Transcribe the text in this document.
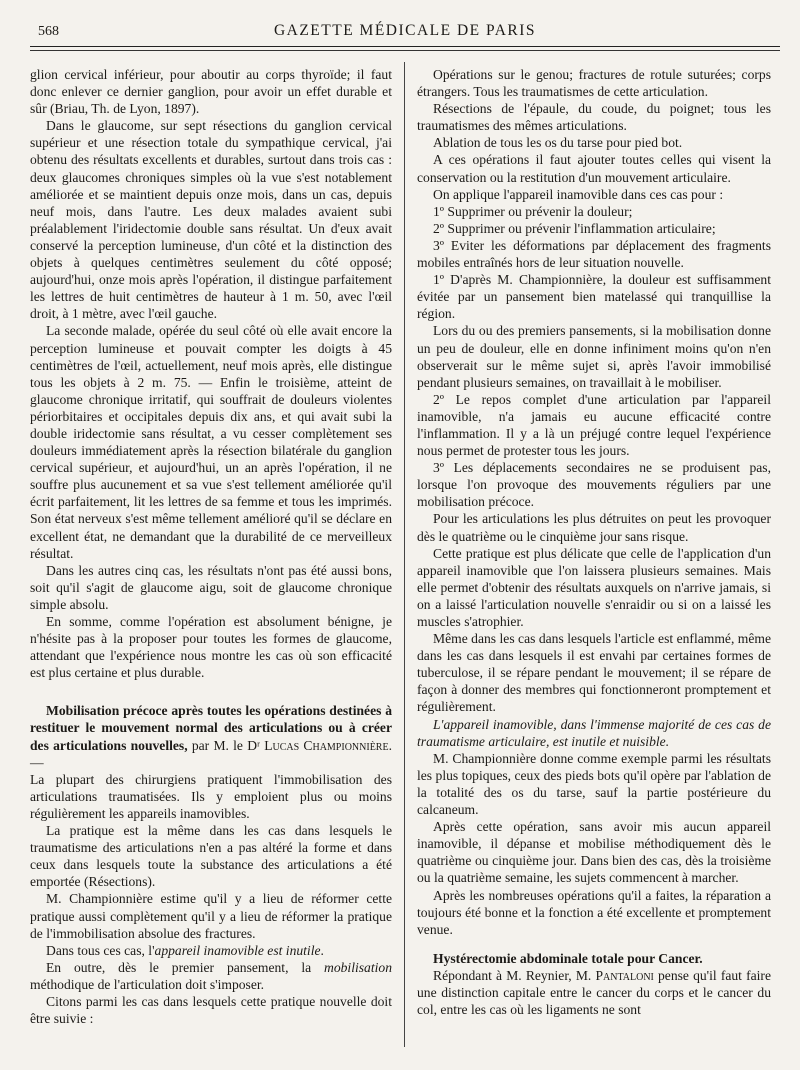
568	GAZETTE MÉDICALE DE PARIS

glion cervical inférieur, pour aboutir au corps thyroïde; il faut donc enlever ce dernier ganglion, pour avoir un effet durable et sûr (Briau, Th. de Lyon, 1897).

Dans le glaucome, sur sept résections du ganglion cervical supérieur et une résection totale du sympathique cervical, j'ai obtenu des résultats excellents et durables, surtout dans trois cas : deux glaucomes chroniques simples où la vue s'est notablement améliorée et se maintient depuis onze mois, dans un cas, depuis neuf mois, dans l'autre. Les deux malades avaient subi préalablement l'iridectomie double sans résultat. Un d'eux avait conservé la perception lumineuse, d'un côté et la distinction des objets à quelques centimètres seulement du côté opposé; aujourd'hui, onze mois après l'opération, il distingue parfaitement les lettres de huit centimètres de hauteur à 1 m. 50, avec l'œil droit, à 1 mètre, avec l'œil gauche.

La seconde malade, opérée du seul côté où elle avait encore la perception lumineuse et pouvait compter les doigts à 45 centimètres de l'œil, actuellement, neuf mois après, elle distingue tous les objets à 2 m. 75. — Enfin le troisième, atteint de glaucome chronique irritatif, qui souffrait de douleurs violentes périorbitaires et occipitales depuis dix ans, et qui avait subi la double iridectomie sans résultat, a vu cesser complètement ses douleurs immédiatement après la résection bilatérale du ganglion cervical supérieur, et aujourd'hui, un an après l'opération, il ne souffre plus aucunement et sa vue s'est tellement améliorée qu'il écrit parfaitement, lit les lettres de sa femme et tous les imprimés. Son état nerveux s'est même tellement amélioré qu'il se déclare en excellent état, ne demandant que la durabilité de ce merveilleux résultat.

Dans les autres cinq cas, les résultats n'ont pas été aussi bons, soit qu'il s'agit de glaucome aigu, soit de glaucome chronique simple absolu.

En somme, comme l'opération est absolument bénigne, je n'hésite pas à la proposer pour toutes les formes de glaucome, attendant que l'expérience nous montre les cas où son efficacité est plus certaine et plus durable.

Mobilisation précoce après toutes les opérations destinées à restituer le mouvement normal des articulations ou à créer des articulations nouvelles, par M. le Dʳ Lucas Championnière. —

La plupart des chirurgiens pratiquent l'immobilisation des articulations traumatisées. Ils y emploient plus ou moins régulièrement les appareils inamovibles.

La pratique est la même dans les cas dans lesquels le traumatisme des articulations n'en a pas altéré la forme et dans ceux dans lesquels toute la substance des articulations a été emportée (Résections).

M. Championnière estime qu'il y a lieu de réformer cette pratique aussi complètement qu'il y a lieu de réformer la pratique de l'immobilisation absolue des fractures.

Dans tous ces cas, l'appareil inamovible est inutile.

En outre, dès le premier pansement, la mobilisation méthodique de l'articulation doit s'imposer.

Citons parmi les cas dans lesquels cette pratique nouvelle doit être suivie :

Opérations sur le genou; fractures de rotule suturées; corps étrangers. Tous les traumatismes de cette articulation.

Résections de l'épaule, du coude, du poignet; tous les traumatismes des mêmes articulations.

Ablation de tous les os du tarse pour pied bot.

A ces opérations il faut ajouter toutes celles qui visent la conservation ou la restitution d'un mouvement articulaire.

On applique l'appareil inamovible dans ces cas pour :

1º Supprimer ou prévenir la douleur;

2º Supprimer ou prévenir l'inflammation articulaire;

3º Eviter les déformations par déplacement des fragments mobiles entraînés hors de leur situation nouvelle.

1º D'après M. Championnière, la douleur est suffisamment évitée par un pansement bien matelassé qui tranquillise la région.

Lors du ou des premiers pansements, si la mobilisation donne un peu de douleur, elle en donne infiniment moins qu'on n'en observerait sur le même sujet si, après l'avoir immobilisé pendant plusieurs semaines, on travaillait à le mobiliser.

2º Le repos complet d'une articulation par l'appareil inamovible, n'a jamais eu aucune efficacité contre l'inflammation. Il y a là un préjugé contre lequel l'expérience nous permet de protester tous les jours.

3º Les déplacements secondaires ne se produisent pas, lorsque l'on provoque des mouvements réguliers par une mobilisation précoce.

Pour les articulations les plus détruites on peut les provoquer dès le quatrième ou le cinquième jour sans risque.

Cette pratique est plus délicate que celle de l'application d'un appareil inamovible que l'on laissera plusieurs semaines. Mais elle permet d'obtenir des résultats auxquels on n'arrive jamais, si on a laissé l'articulation nouvelle s'enraidir ou si on a laissé les muscles s'atrophier.

Même dans les cas dans lesquels l'article est enflammé, même dans les cas dans lesquels il est envahi par certaines formes de tuberculose, il se répare pendant le mouvement; il se répare de façon à donner des membres qui fonctionneront promptement et régulièrement.

L'appareil inamovible, dans l'immense majorité de ces cas de traumatisme articulaire, est inutile et nuisible.

M. Championnière donne comme exemple parmi les résultats les plus topiques, ceux des pieds bots qu'il opère par l'ablation de la totalité des os du tarse, sauf la partie postérieure du calcaneum.

Après cette opération, sans avoir mis aucun appareil inamovible, il dépanse et mobilise méthodiquement dès le quatrième ou cinquième jour. Dans bien des cas, dès la troisième ou la quatrième semaine, les sujets commencent à marcher.

Après les nombreuses opérations qu'il a faites, la réparation a toujours été bonne et la fonction a été excellente et promptement venue.

Hystérectomie abdominale totale pour Cancer.

Répondant à M. Reynier, M. Pantaloni pense qu'il faut faire une distinction capitale entre le cancer du corps et le cancer du col, entre les cas où les ligaments ne sont
